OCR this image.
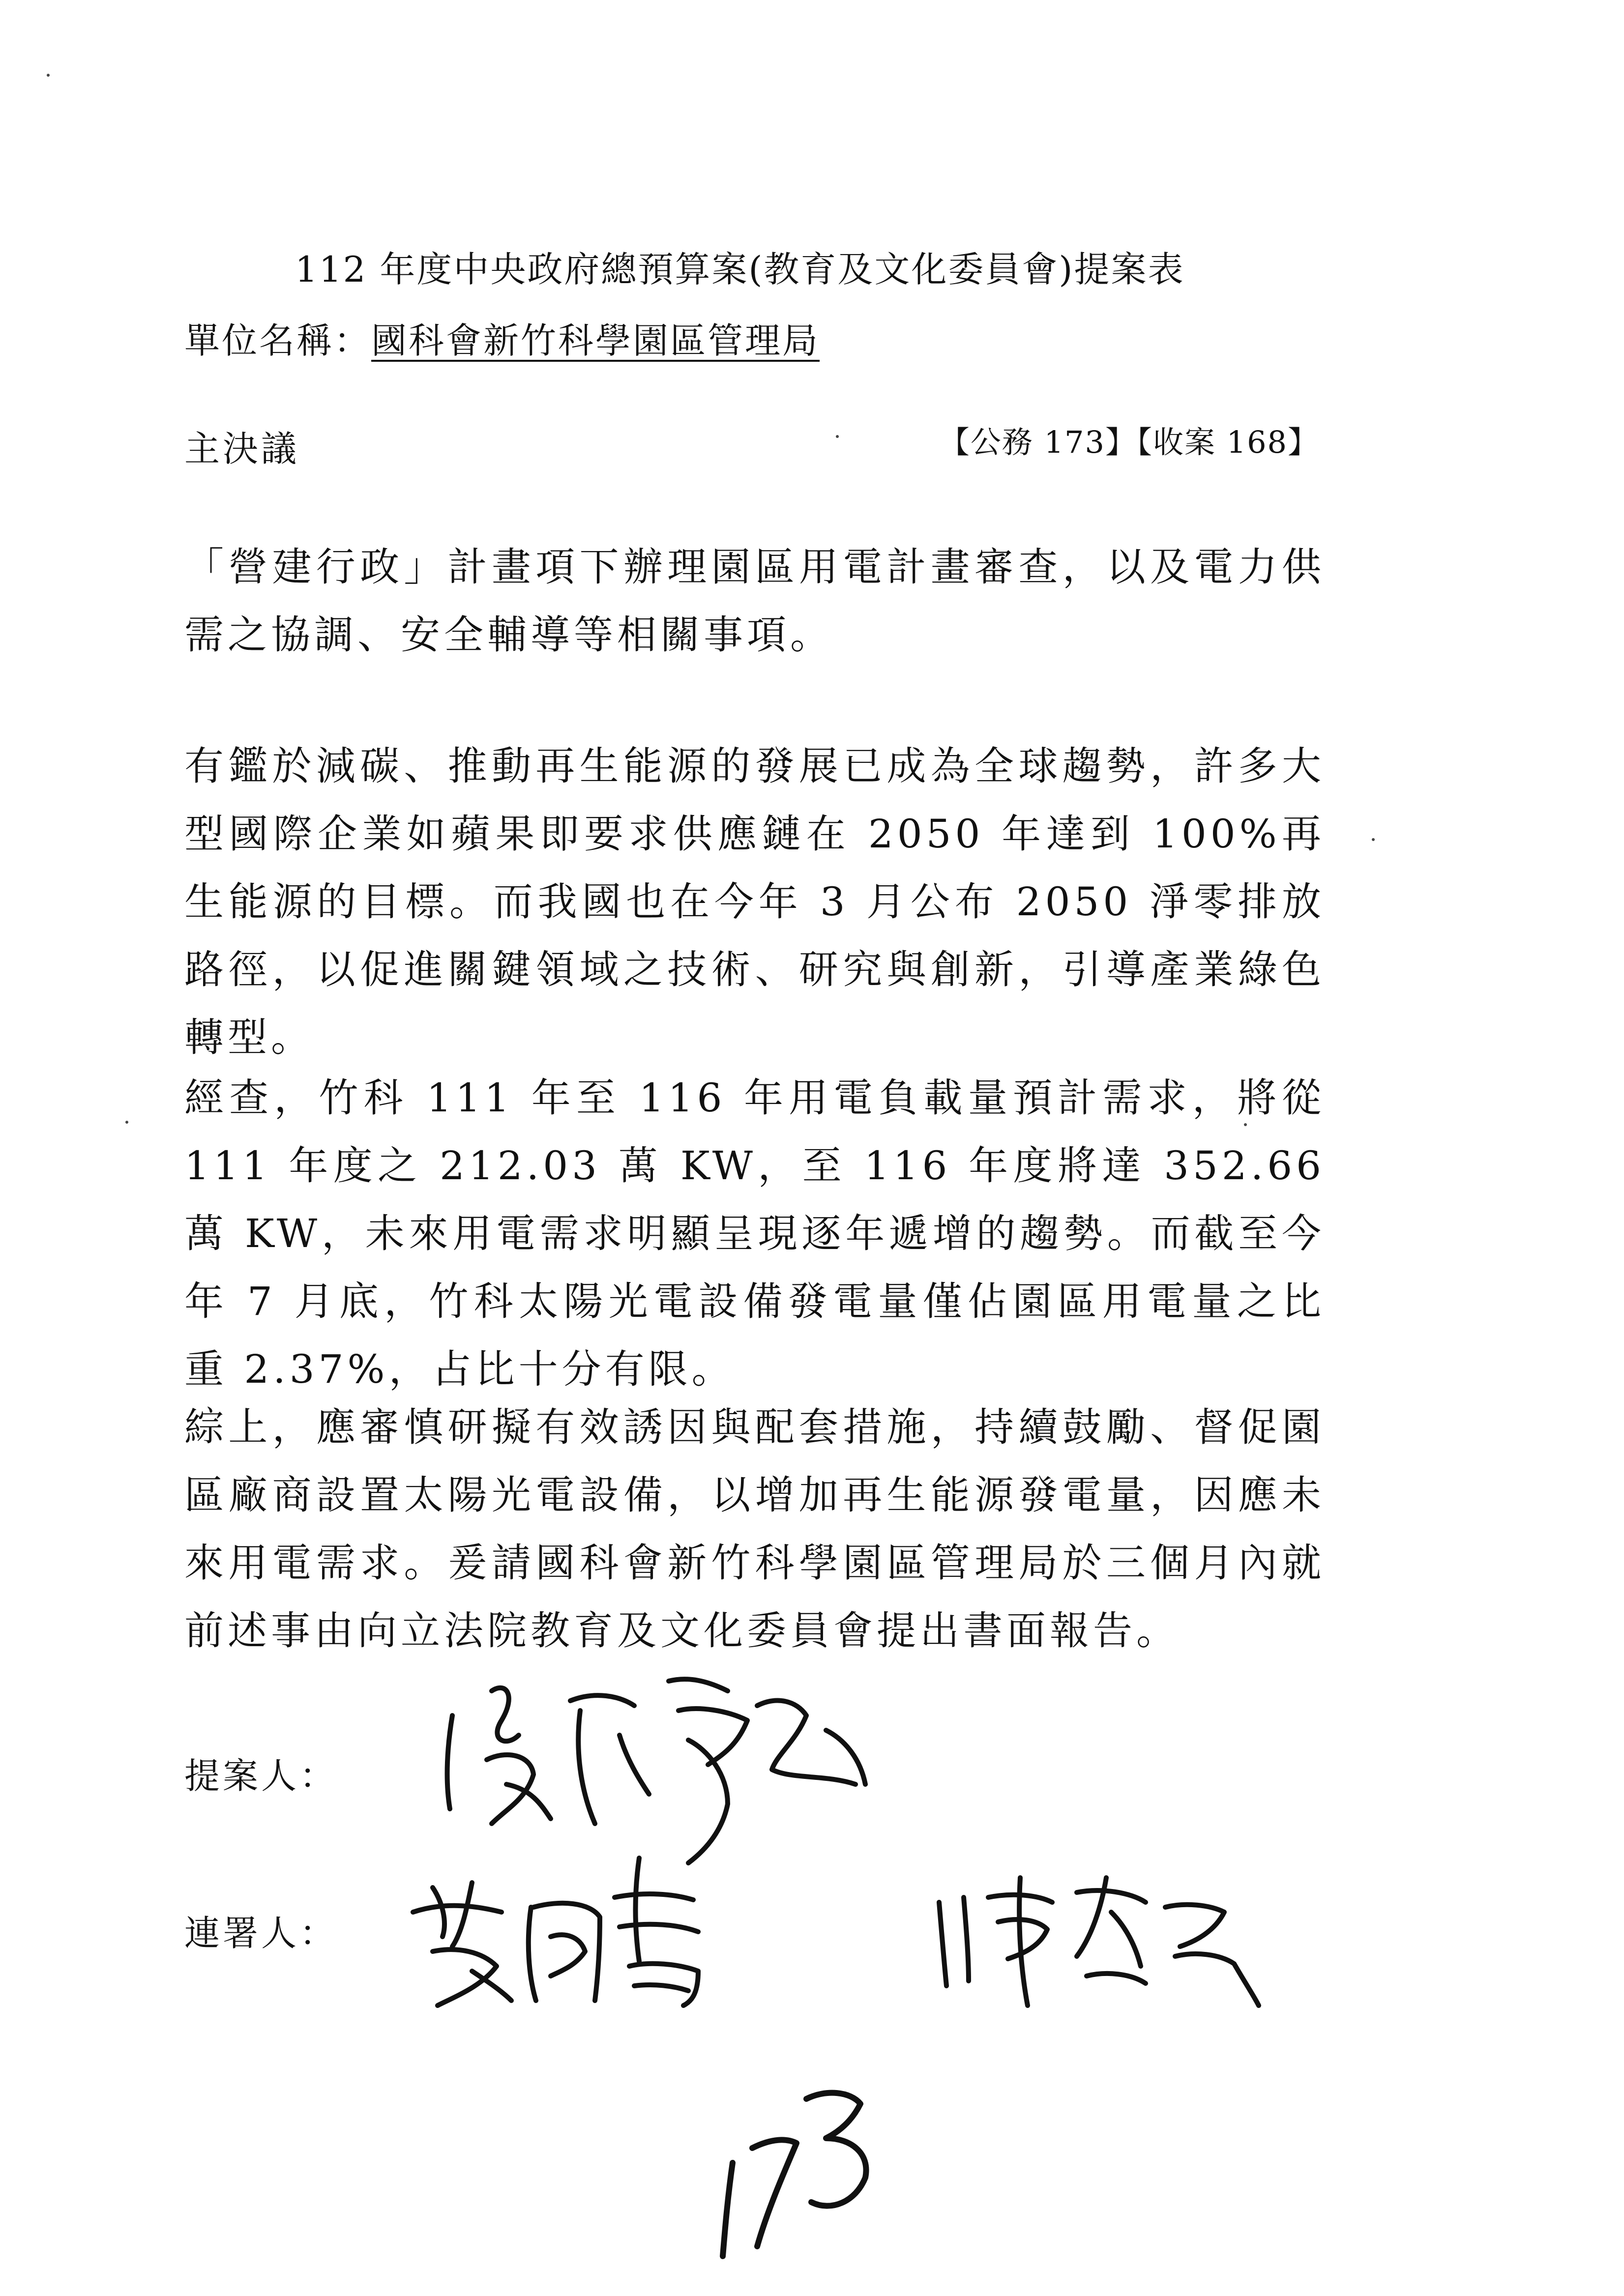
112 年度中央政府總預算案(教育及文化委員會)提案表
單位名稱：國科會新竹科學園區管理局
主決議	【公務 173】【收案 168】

「營建行政」計畫項下辦理園區用電計畫審查，以及電力供需之協調、安全輔導等相關事項。

有鑑於減碳、推動再生能源的發展已成為全球趨勢，許多大型國際企業如蘋果即要求供應鏈在 2050 年達到 100%再生能源的目標。而我國也在今年 3 月公布 2050 淨零排放路徑，以促進關鍵領域之技術、研究與創新，引導產業綠色轉型。

經查，竹科 111 年至 116 年用電負載量預計需求，將從 111 年度之 212.03 萬 KW，至 116 年度將達 352.66 萬 KW，未來用電需求明顯呈現逐年遞增的趨勢。而截至今年 7 月底，竹科太陽光電設備發電量僅佔園區用電量之比重 2.37%，占比十分有限。

綜上，應審慎研擬有效誘因與配套措施，持續鼓勵、督促園區廠商設置太陽光電設備，以增加再生能源發電量，因應未來用電需求。爰請國科會新竹科學園區管理局於三個月內就前述事由向立法院教育及文化委員會提出書面報告。

提案人：
連署人：
